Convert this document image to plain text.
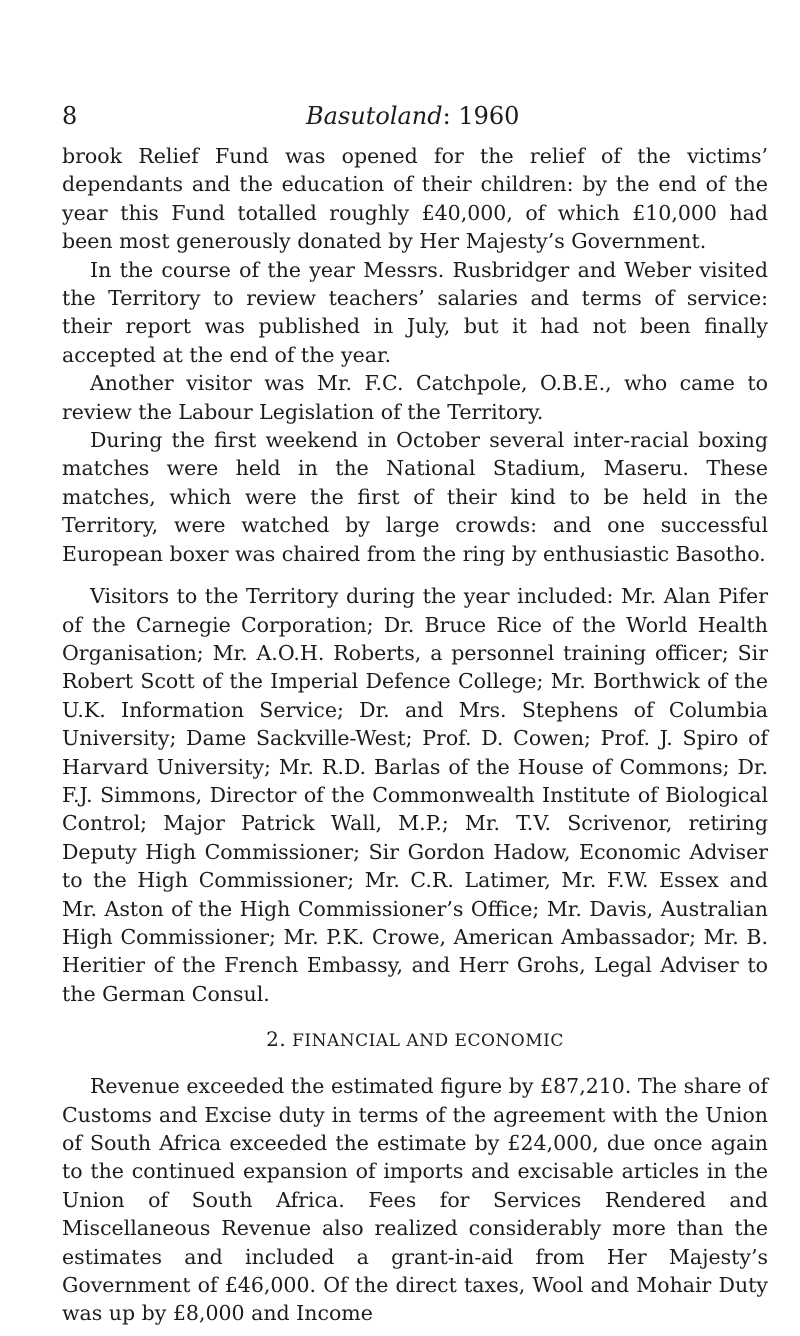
8	Basutoland: 1960

brook Relief Fund was opened for the relief of the victims’ dependants and the education of their children: by the end of the year this Fund totalled roughly £40,000, of which £10,000 had been most generously donated by Her Majesty’s Government.

In the course of the year Messrs. Rusbridger and Weber visited the Territory to review teachers’ salaries and terms of service: their report was published in July, but it had not been finally accepted at the end of the year.

Another visitor was Mr. F.C. Catchpole, O.B.E., who came to review the Labour Legislation of the Territory.

During the first weekend in October several inter-racial boxing matches were held in the National Stadium, Maseru. These matches, which were the first of their kind to be held in the Territory, were watched by large crowds: and one successful European boxer was chaired from the ring by enthusiastic Basotho.

Visitors to the Territory during the year included: Mr. Alan Pifer of the Carnegie Corporation; Dr. Bruce Rice of the World Health Organisation; Mr. A.O.H. Roberts, a personnel training officer; Sir Robert Scott of the Imperial Defence College; Mr. Borthwick of the U.K. Information Service; Dr. and Mrs. Stephens of Columbia University; Dame Sackville-West; Prof. D. Cowen; Prof. J. Spiro of Harvard University; Mr. R.D. Barlas of the House of Commons; Dr. F.J. Simmons, Director of the Commonwealth Institute of Biological Control; Major Patrick Wall, M.P.; Mr. T.V. Scrivenor, retiring Deputy High Commissioner; Sir Gordon Hadow, Economic Adviser to the High Commissioner; Mr. C.R. Latimer, Mr. F.W. Essex and Mr. Aston of the High Commissioner’s Office; Mr. Davis, Australian High Commissioner; Mr. P.K. Crowe, American Ambassador; Mr. B. Heritier of the French Embassy, and Herr Grohs, Legal Adviser to the German Consul.

2. FINANCIAL AND ECONOMIC

Revenue exceeded the estimated figure by £87,210. The share of Customs and Excise duty in terms of the agreement with the Union of South Africa exceeded the estimate by £24,000, due once again to the continued expansion of imports and excisable articles in the Union of South Africa. Fees for Services Rendered and Miscellaneous Revenue also realized considerably more than the estimates and included a grant-in-aid from Her Majesty’s Government of £46,000. Of the direct taxes, Wool and Mohair Duty was up by £8,000 and Income
